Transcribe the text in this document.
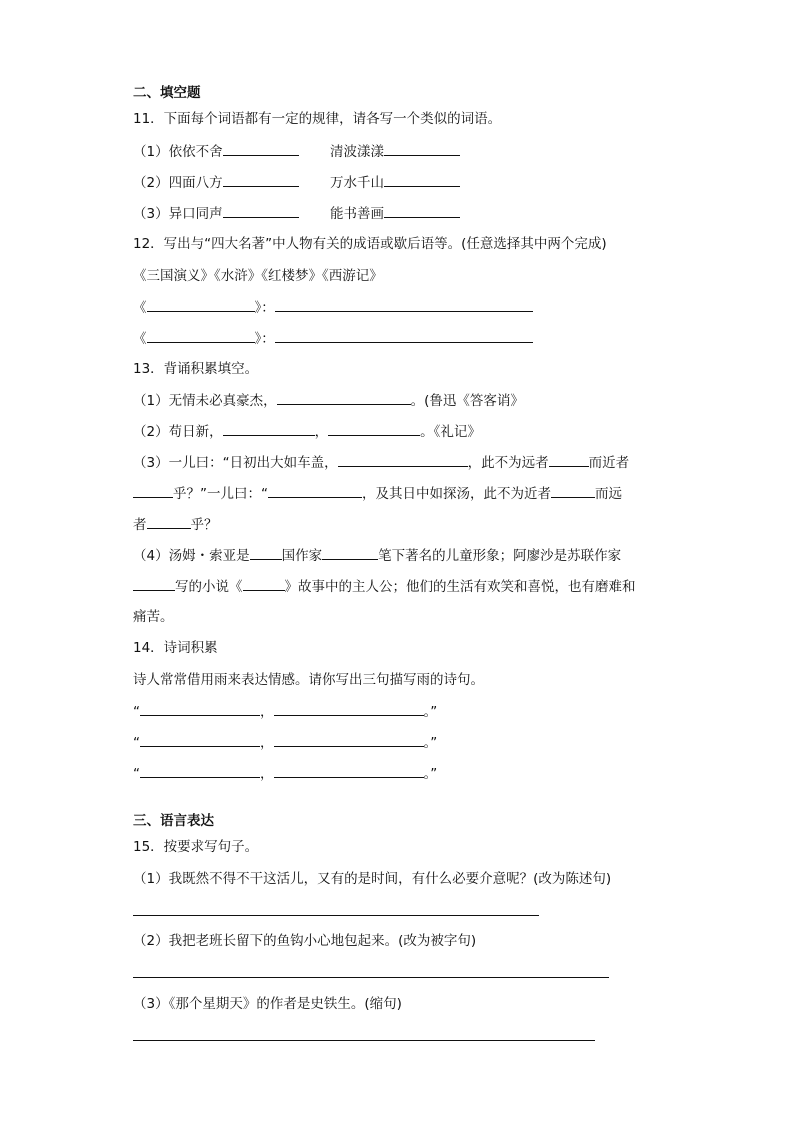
二、填空题
11．下面每个词语都有一定的规律，请各写一个类似的词语。
（1）依依不舍	清波漾漾
（2）四面八方	万水千山
（3）异口同声	能书善画
12．写出与“四大名著”中人物有关的成语或歇后语等。(任意选择其中两个完成)
《三国演义》《水浒》《红楼梦》《西游记》
《	》：
《	》：
13．背诵积累填空。
（1）无情未必真豪杰，	。(鲁迅《答客诮》
（2）苟日新，	，	。《礼记》
（3）一儿曰：“日初出大如车盖，	，此不为远者	而近者
乎？”一儿曰：“	，及其日中如探汤，此不为近者	而远
者	乎？
（4）汤姆・索亚是 国作家	笔下著名的儿童形象；阿廖沙是苏联作家
写的小说《	》故事中的主人公；他们的生活有欢笑和喜悦，也有磨难和
痛苦。
14．诗词积累
诗人常常借用雨来表达情感。请你写出三句描写雨的诗句。
“	，	。”
“	，	。”
“	，	。”
三、语言表达
15．按要求写句子。
（1）我既然不得不干这活儿，又有的是时间，有什么必要介意呢？(改为陈述句)
（2）我把老班长留下的鱼钩小心地包起来。(改为被字句)
（3）《那个星期天》的作者是史铁生。(缩句)
